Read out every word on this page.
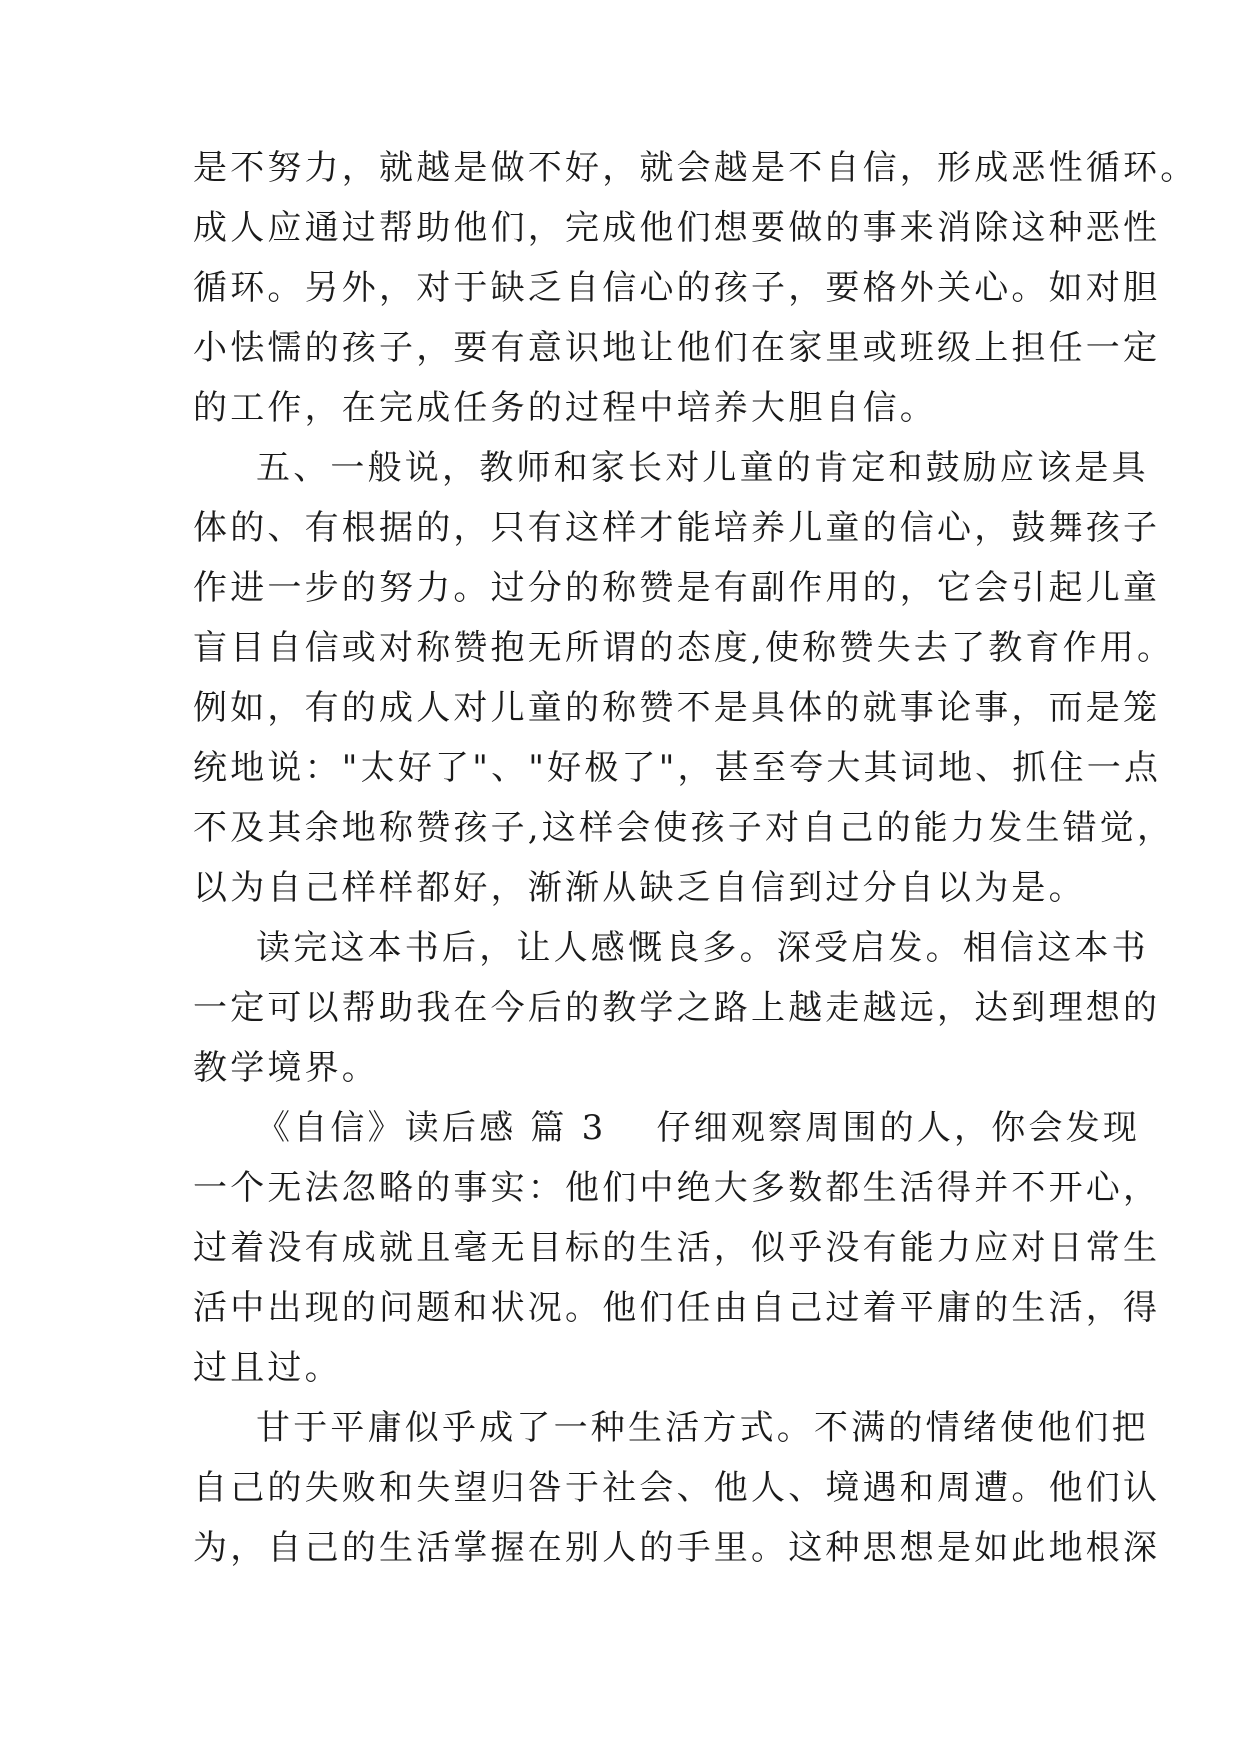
是不努力，就越是做不好，就会越是不自信，形成恶性循环。
成人应通过帮助他们，完成他们想要做的事来消除这种恶性
循环。另外，对于缺乏自信心的孩子，要格外关心。如对胆
小怯懦的孩子，要有意识地让他们在家里或班级上担任一定
的工作，在完成任务的过程中培养大胆自信。
五、一般说，教师和家长对儿童的肯定和鼓励应该是具
体的、有根据的，只有这样才能培养儿童的信心，鼓舞孩子
作进一步的努力。过分的称赞是有副作用的，它会引起儿童
盲目自信或对称赞抱无所谓的态度,使称赞失去了教育作用。
例如，有的成人对儿童的称赞不是具体的就事论事，而是笼
统地说："太好了"、"好极了"，甚至夸大其词地、抓住一点
不及其余地称赞孩子,这样会使孩子对自己的能力发生错觉，
以为自己样样都好，渐渐从缺乏自信到过分自以为是。
读完这本书后，让人感慨良多。深受启发。相信这本书
一定可以帮助我在今后的教学之路上越走越远，达到理想的
教学境界。
《自信》读后感 篇 3 仔细观察周围的人，你会发现
一个无法忽略的事实：他们中绝大多数都生活得并不开心，
过着没有成就且毫无目标的生活，似乎没有能力应对日常生
活中出现的问题和状况。他们任由自己过着平庸的生活，得
过且过。
甘于平庸似乎成了一种生活方式。不满的情绪使他们把
自己的失败和失望归咎于社会、他人、境遇和周遭。他们认
为，自己的生活掌握在别人的手里。这种思想是如此地根深
